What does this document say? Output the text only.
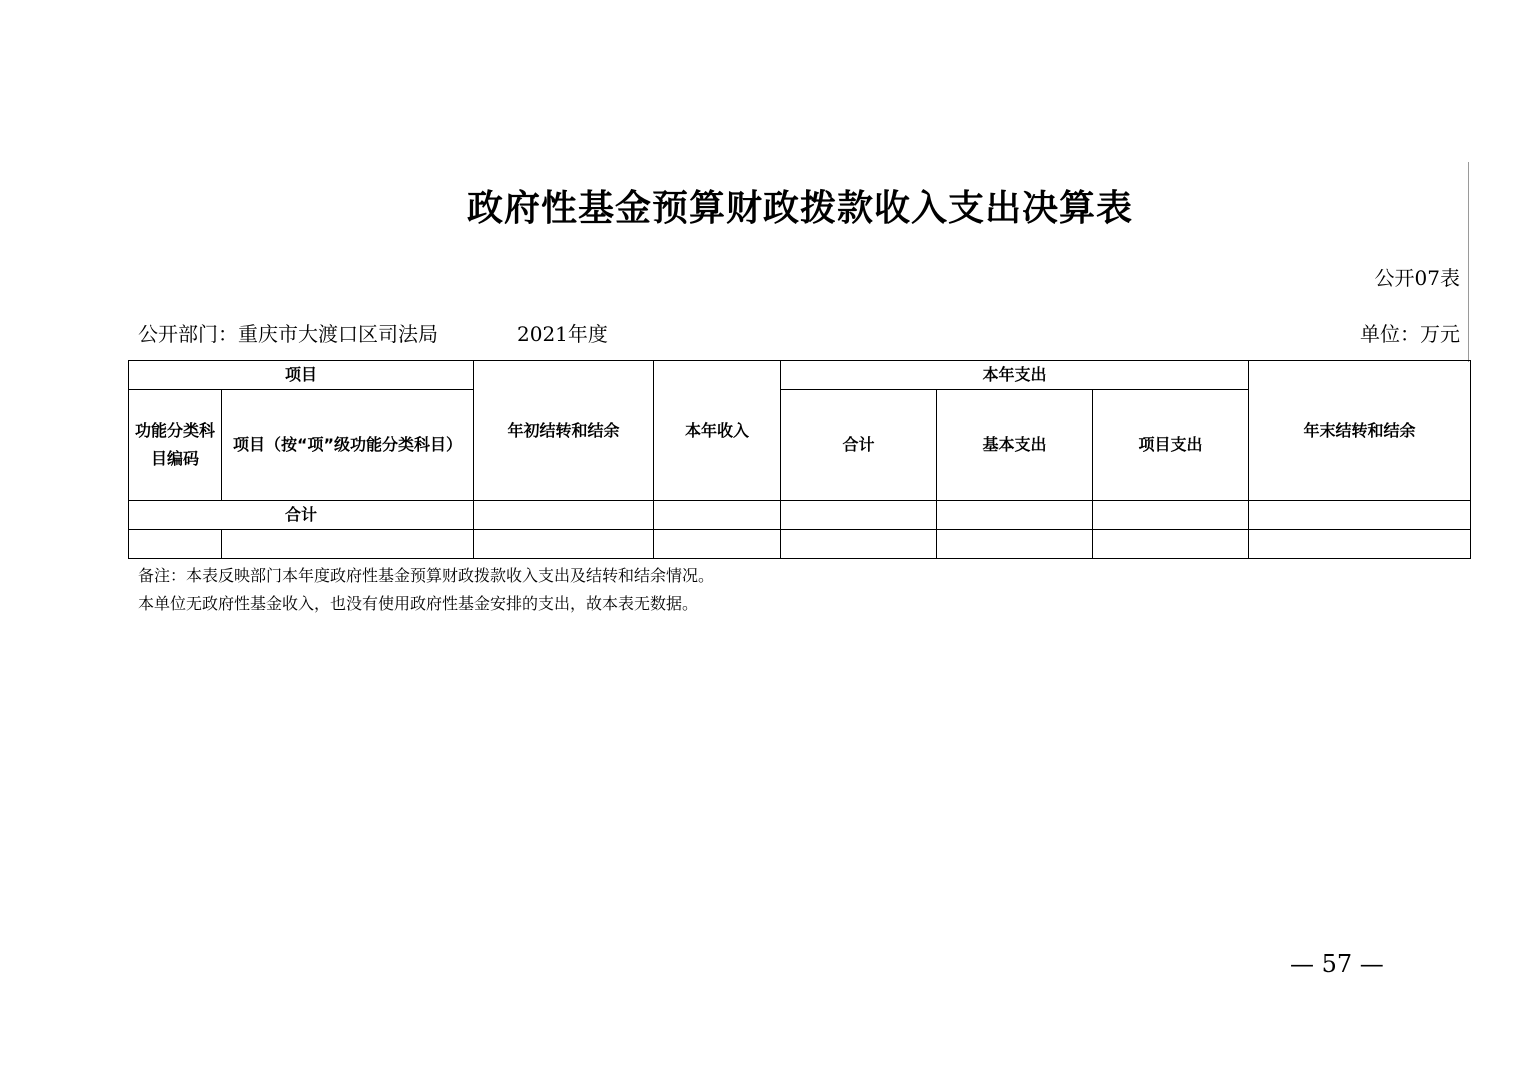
政府性基金预算财政拨款收入支出决算表
公开07表
公开部门：重庆市大渡口区司法局	2021年度	单位：万元
项目		年初结转和结余	本年收入	本年支出			年末结转和结余
功能分类科目编码	项目（按“项”级功能分类科目）			合计	基本支出	项目支出	
合计							

备注：本表反映部门本年度政府性基金预算财政拨款收入支出及结转和结余情况。
本单位无政府性基金收入，也没有使用政府性基金安排的支出，故本表无数据。
— 57 —
